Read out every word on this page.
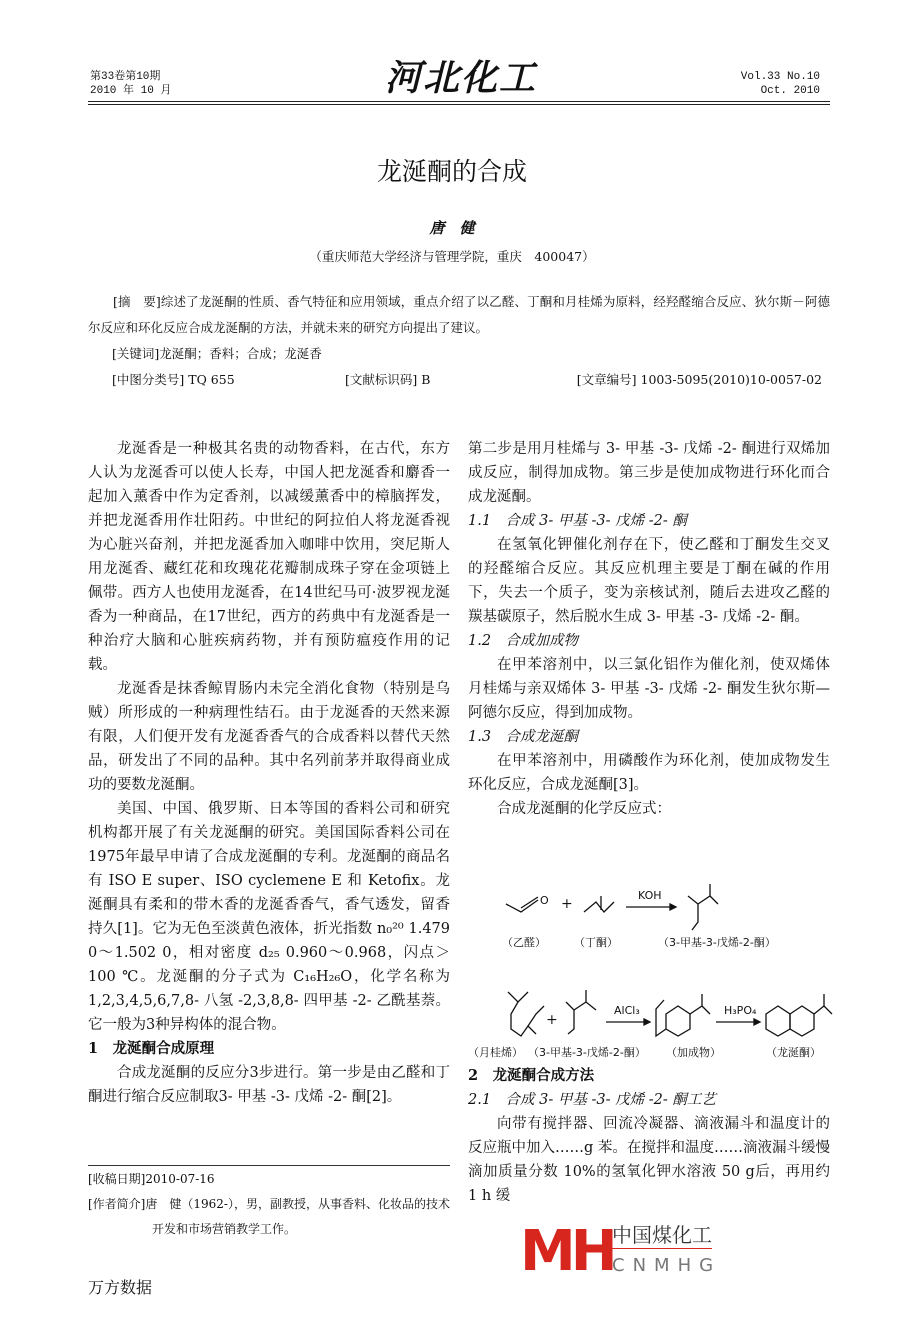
第33卷第10期
2010 年 10 月	河北化工	Vol.33 No.10
Oct. 2010
龙涎酮的合成
唐　健
（重庆师范大学经济与管理学院，重庆　400047）
[摘　要]综述了龙涎酮的性质、香气特征和应用领域，重点介绍了以乙醛、丁酮和月桂烯为原料，经羟醛缩合反应、狄尔斯－阿德尔反应和环化反应合成龙涎酮的方法，并就未来的研究方向提出了建议。
[关键词]龙涎酮；香料；合成；龙涎香
[中图分类号] TQ 655	[文献标识码] B	[文章编号] 1003-5095(2010)10-0057-02

龙涎香是一种极其名贵的动物香料，在古代，东方人认为龙涎香可以使人长寿，中国人把龙涎香和麝香一起加入薰香中作为定香剂，以减缓薰香中的樟脑挥发，并把龙涎香用作壮阳药。中世纪的阿拉伯人将龙涎香视为心脏兴奋剂，并把龙涎香加入咖啡中饮用，突尼斯人用龙涎香、藏红花和玫瑰花花瓣制成珠子穿在金项链上佩带。西方人也使用龙涎香，在14世纪马可·波罗视龙涎香为一种商品，在17世纪，西方的药典中有龙涎香是一种治疗大脑和心脏疾病药物，并有预防瘟疫作用的记载。

龙涎香是抹香鲸胃肠内未完全消化食物（特别是乌贼）所形成的一种病理性结石。由于龙涎香的天然来源有限，人们便开发有龙涎香香气的合成香料以替代天然品，研发出了不同的品种。其中名列前茅并取得商业成功的要数龙涎酮。

美国、中国、俄罗斯、日本等国的香料公司和研究机构都开展了有关龙涎酮的研究。美国国际香料公司在1975年最早申请了合成龙涎酮的专利。龙涎酮的商品名有 ISO E super、ISO cyclemene E 和 Ketofix。龙涎酮具有柔和的带木香的龙涎香香气，香气透发，留香持久[1]。它为无色至淡黄色液体，折光指数 n₀²⁰ 1.479 0～1.502 0，相对密度 d₂₅ 0.960～0.968，闪点＞100 ℃。龙涎酮的分子式为 C₁₆H₂₆O，化学名称为 1,2,3,4,5,6,7,8- 八氢 -2,3,8,8- 四甲基 -2- 乙酰基萘。它一般为3种异构体的混合物。

1　龙涎酮合成原理

合成龙涎酮的反应分3步进行。第一步是由乙醛和丁酮进行缩合反应制取3- 甲基 -3- 戊烯 -2- 酮[2]。

[收稿日期]2010-07-16
[作者简介]唐　健（1962-），男，副教授，从事香料、化妆品的技术开发和市场营销教学工作。

第二步是用月桂烯与 3- 甲基 -3- 戊烯 -2- 酮进行双烯加成反应，制得加成物。第三步是使加成物进行环化而合成龙涎酮。

1.1　合成 3- 甲基 -3- 戊烯 -2- 酮

在氢氧化钾催化剂存在下，使乙醛和丁酮发生交叉的羟醛缩合反应。其反应机理主要是丁酮在碱的作用下，失去一个质子，变为亲核试剂，随后去进攻乙醛的羰基碳原子，然后脱水生成 3- 甲基 -3- 戊烯 -2- 酮。

1.2　合成加成物

在甲苯溶剂中，以三氯化铝作为催化剂，使双烯体月桂烯与亲双烯体 3- 甲基 -3- 戊烯 -2- 酮发生狄尔斯—阿德尔反应，得到加成物。

1.3　合成龙涎酮

在甲苯溶剂中，用磷酸作为环化剂，使加成物发生环化反应，合成龙涎酮[3]。

合成龙涎酮的化学反应式：

O +
KOH
（乙醛）	（丁酮）	（3-甲基-3-戊烯-2-酮）
+
AlCl₃	H₃PO₄
（月桂烯） （3-甲基-3-戊烯-2-酮） （加成物）	（龙涎酮）

2　龙涎酮合成方法

2.1　合成 3- 甲基 -3- 戊烯 -2- 酮工艺

向带有搅拌器、回流冷凝器、滴液漏斗和温度计的反应瓶中加入……g 苯。在搅拌和温度……滴液漏斗缓慢滴加质量分数 10%的氢氧化钾水溶液 50 g后，再用约 1 h 缓

MH 中国煤化工
CNMHG
万方数据
